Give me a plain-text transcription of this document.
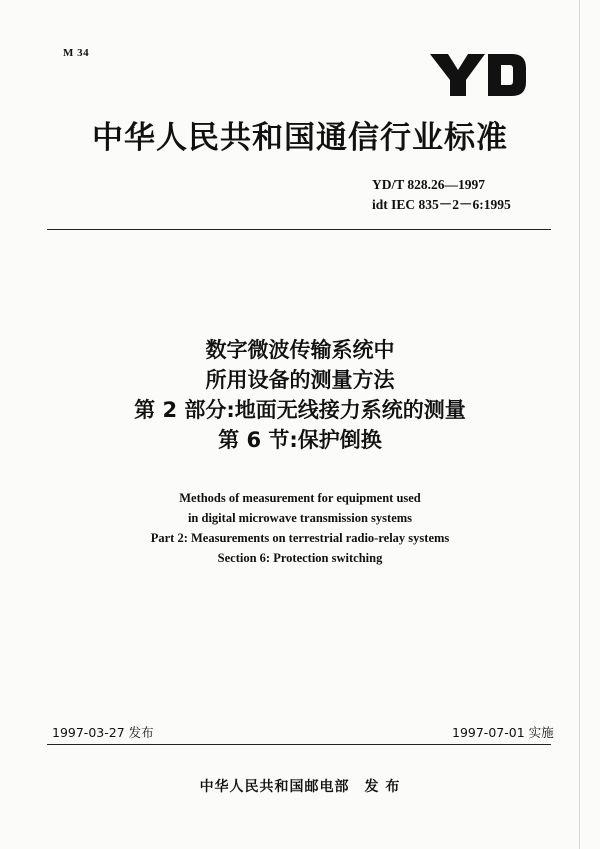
M 34	YD
中华人民共和国通信行业标准
YD/T 828.26—1997
idt IEC 835－2－6:1995
数字微波传输系统中
所用设备的测量方法
第 2 部分:地面无线接力系统的测量
第 6 节:保护倒换
Methods of measurement for equipment used
in digital microwave transmission systems
Part 2: Measurements on terrestrial radio-relay systems
Section 6: Protection switching
1997-03-27 发布	1997-07-01 实施
中华人民共和国邮电部　发 布
